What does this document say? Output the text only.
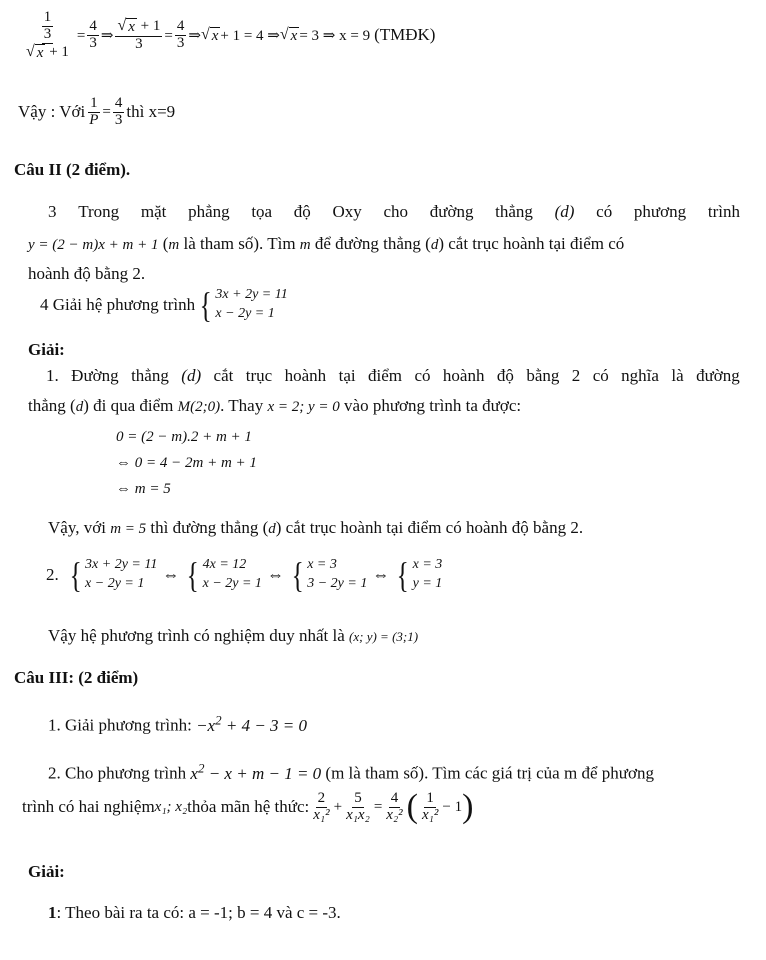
$\frac{1}{\frac{3}{√ x + 1}} = \frac{4}{3}$ ⇒ $\frac{√ x + 1}{3} = \frac{4}{3}$ ⇒ √ x + 1 = 4 ⇒ √ x = 3 ⇒ x = 9 (TMĐK)
Vậy : Với $\frac{1}{P} = \frac{4}{3}$ thì x=9
Câu II (2 điểm).
3 Trong mặt phẳng tọa độ Oxy cho đường thẳng (d) có phương trình
y = (2 − m)x + m + 1 (m là tham số). Tìm m để đường thẳng (d) cắt trục hoành tại điểm có
hoành độ bằng 2.
4 Giải hệ phương trình { 3x + 2y = 11
x − 2y = 1
Giải:
1. Đường thẳng (d) cắt trục hoành tại điểm có hoành độ bằng 2 có nghĩa là đường
thẳng (d) đi qua điểm M(2;0). Thay x = 2; y = 0 vào phương trình ta được:
0 = (2 − m).2 + m + 1
⇔ 0 = 4 − 2m + m + 1
⇔ m = 5
Vậy, với m = 5 thì đường thẳng (d) cắt trục hoành tại điểm có hoành độ bằng 2.
2. { 3x + 2y = 11
x − 2y = 1	⇔ { 4x = 12
x − 2y = 1 ⇔ { x = 3
3 − 2y = 1 ⇔ { x = 3
y = 1
Vậy hệ phương trình có nghiệm duy nhất là (x; y) = (3;1)
Câu III: (2 điểm)
1. Giải phương trình: $-x^2 + 4 - 3 = 0$
2. Cho phương trình $x^2 - x + m - 1 = 0$ (m là tham số). Tìm các giá trị của m để phương
trình có hai nghiệm x₁; x₂ thỏa mãn hệ thức: $\frac{2}{\text{x₁²}} + \frac{5}{\text{x₁x₂}} = \frac{4}{\text{x₂²}}$ ( $\frac{1}{\text{x₁²}} - 1$ )
Giải:
1: Theo bài ra ta có: a = -1; b = 4 và c = -3.
